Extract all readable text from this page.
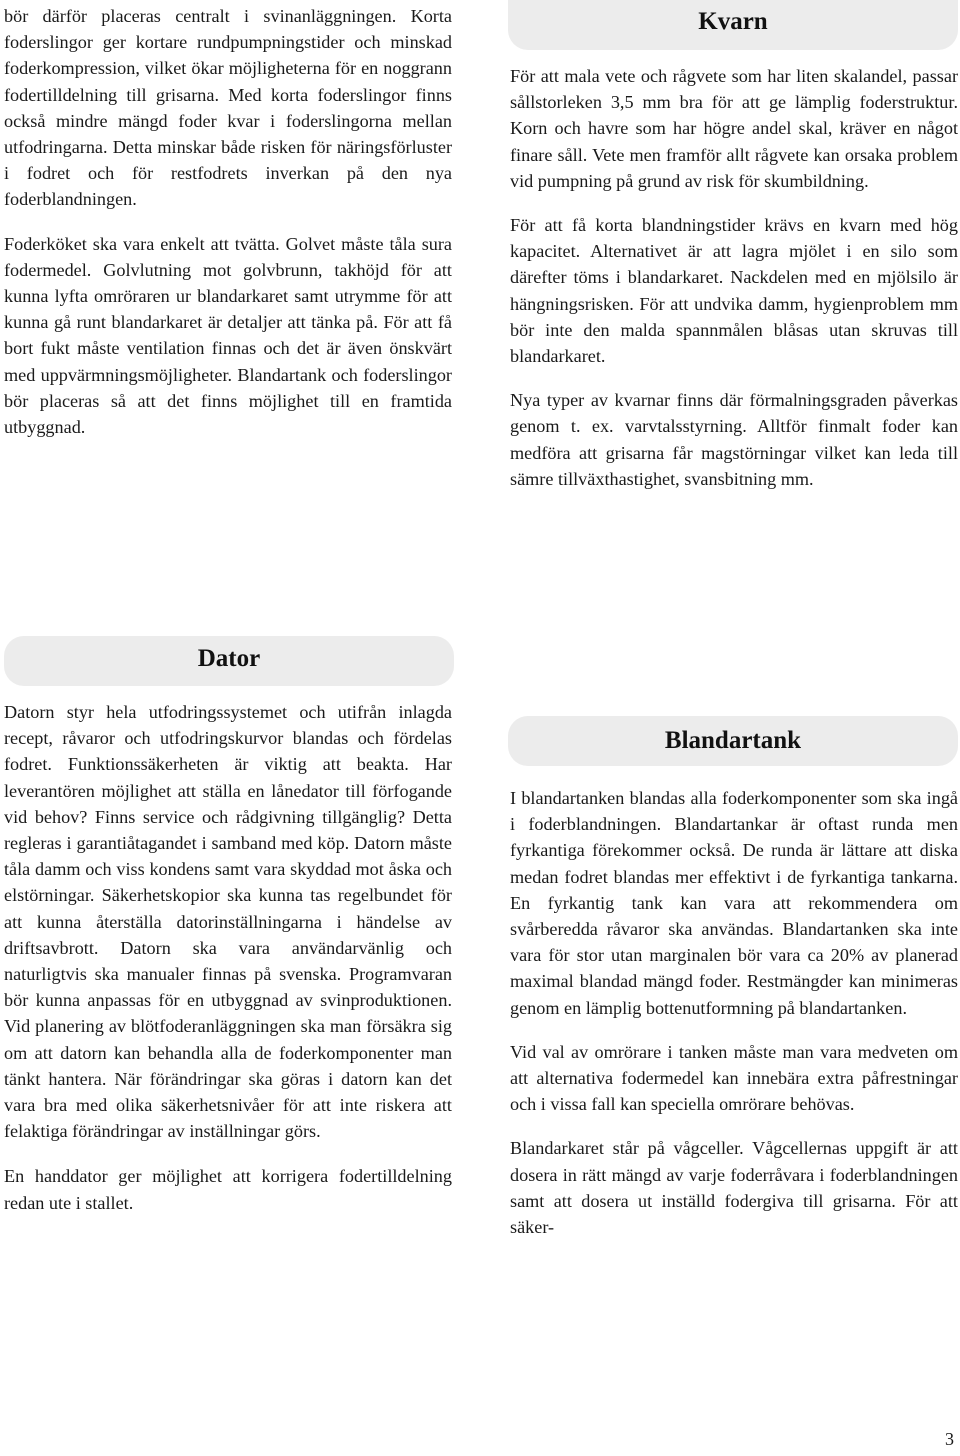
bör därför placeras centralt i svinanläggningen. Korta foderslingor ger kortare rundpumpningstider och minskad foderkompression, vilket ökar möjligheterna för en noggrann fodertilldelning till grisarna. Med korta foderslingor finns också mindre mängd foder kvar i foderslingorna mellan utfodringarna. Detta minskar både risken för näringsförluster i fodret och för restfodrets inverkan på den nya foderblandningen.

Foderköket ska vara enkelt att tvätta. Golvet måste tåla sura fodermedel. Golvlutning mot golvbrunn, takhöjd för att kunna lyfta omröraren ur blandarkaret samt utrymme för att kunna gå runt blandarkaret är detaljer att tänka på. För att få bort fukt måste ventilation finnas och det är även önskvärt med uppvärmningsmöjligheter. Blandartank och foderslingor bör placeras så att det finns möjlighet till en framtida utbyggnad.

Dator

Datorn styr hela utfodringssystemet och utifrån inlagda recept, råvaror och utfodringskurvor blandas och fördelas fodret. Funktionssäkerheten är viktig att beakta. Har leverantören möjlighet att ställa en lånedator till förfogande vid behov? Finns service och rådgivning tillgänglig? Detta regleras i garantiåtagandet i samband med köp. Datorn måste tåla damm och viss kondens samt vara skyddad mot åska och elstörningar. Säkerhetskopior ska kunna tas regelbundet för att kunna återställa datorinställningarna i händelse av driftsavbrott. Datorn ska vara användarvänlig och naturligtvis ska manualer finnas på svenska. Programvaran bör kunna anpassas för en utbyggnad av svinproduktionen. Vid planering av blötfoderanläggningen ska man försäkra sig om att datorn kan behandla alla de foderkomponenter man tänkt hantera. När förändringar ska göras i datorn kan det vara bra med olika säkerhetsnivåer för att inte riskera att felaktiga förändringar av inställningar görs.

En handdator ger möjlighet att korrigera fodertilldelning redan ute i stallet.

Kvarn

För att mala vete och rågvete som har liten skalandel, passar sållstorleken 3,5 mm bra för att ge lämplig foderstruktur. Korn och havre som har högre andel skal, kräver en något finare såll. Vete men framför allt rågvete kan orsaka problem vid pumpning på grund av risk för skumbildning.

För att få korta blandningstider krävs en kvarn med hög kapacitet. Alternativet är att lagra mjölet i en silo som därefter töms i blandarkaret. Nackdelen med en mjölsilo är hängningsrisken. För att undvika damm, hygienproblem mm bör inte den malda spannmålen blåsas utan skruvas till blandarkaret.

Nya typer av kvarnar finns där förmalningsgraden påverkas genom t. ex. varvtalsstyrning. Alltför finmalt foder kan medföra att grisarna får magstörningar vilket kan leda till sämre tillväxthastighet, svansbitning mm.

Blandartank

I blandartanken blandas alla foderkomponenter som ska ingå i foderblandningen. Blandartankar är oftast runda men fyrkantiga förekommer också. De runda är lättare att diska medan fodret blandas mer effektivt i de fyrkantiga tankarna. En fyrkantig tank kan vara att rekommendera om svårberedda råvaror ska användas. Blandartanken ska inte vara för stor utan marginalen bör vara ca 20% av planerad maximal blandad mängd foder. Restmängder kan minimeras genom en lämplig bottenutformning på blandartanken.

Vid val av omrörare i tanken måste man vara medveten om att alternativa fodermedel kan innebära extra påfrestningar och i vissa fall kan speciella omrörare behövas.

Blandarkaret står på vågceller. Vågcellernas uppgift är att dosera in rätt mängd av varje foderråvara i foderblandningen samt att dosera ut inställd fodergiva till grisarna. För att säker-

3
